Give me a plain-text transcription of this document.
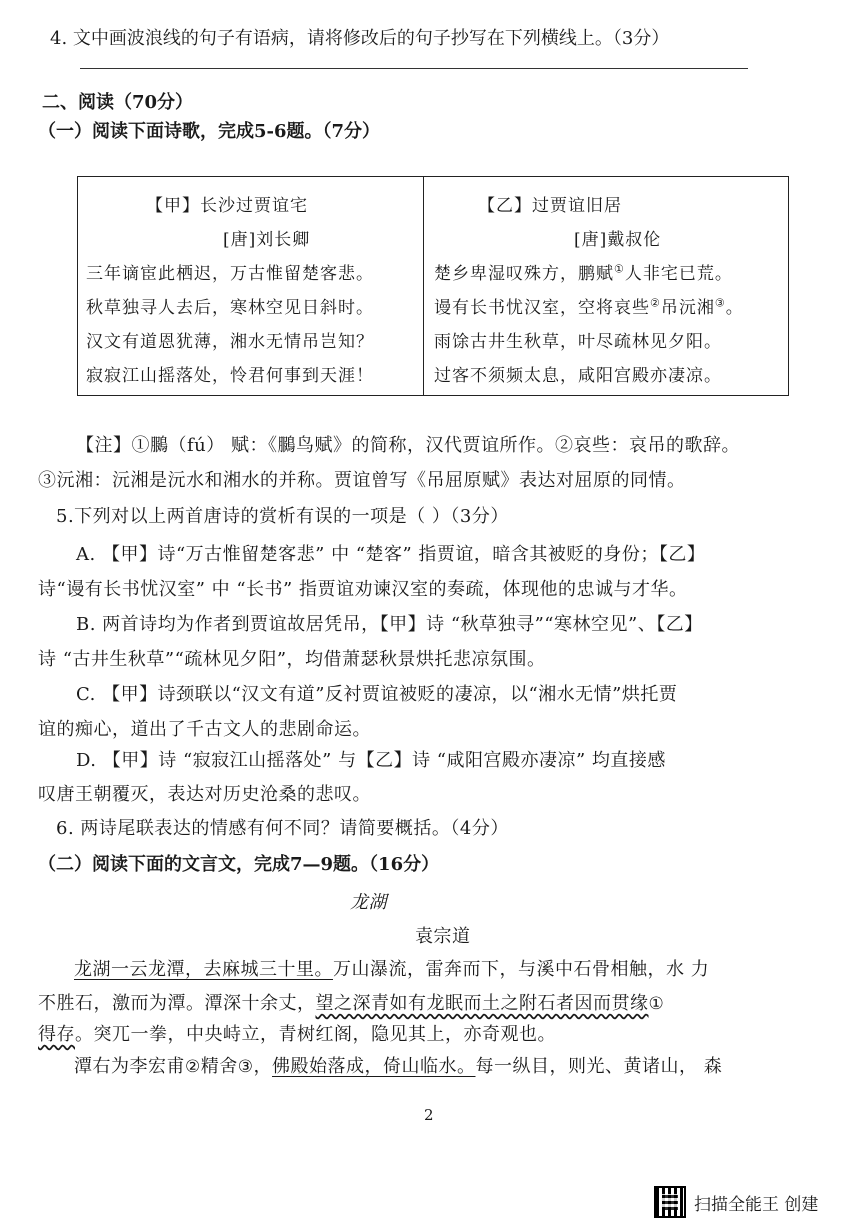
4. 文中画波浪线的句子有语病，请将修改后的句子抄写在下列横线上。（3分）
二、阅读（70分）
（一）阅读下面诗歌，完成5-6题。（7分）
【甲】长沙过贾谊宅
[唐]刘长卿
三年谪宦此栖迟，万古惟留楚客悲。
秋草独寻人去后，寒林空见日斜时。
汉文有道恩犹薄，湘水无情吊岂知？
寂寂江山摇落处，怜君何事到天涯！
【乙】过贾谊旧居
[唐]戴叔伦
楚乡卑湿叹殊方，鹏赋①人非宅已荒。
谩有长书忧汉室，空将哀些②吊沅湘③。
雨馀古井生秋草，叶尽疏林见夕阳。
过客不须频太息，咸阳宫殿亦凄凉。
【注】①鵩（fú） 赋：《鵩鸟赋》的简称，汉代贾谊所作。②哀些：哀吊的歌辞。
③沅湘：沅湘是沅水和湘水的并称。贾谊曾写《吊屈原赋》表达对屈原的同情。
5.下列对以上两首唐诗的赏析有误的一项是（ ）（3分）
A. 【甲】诗“万古惟留楚客悲” 中 “楚客” 指贾谊，暗含其被贬的身份；【乙】
诗“谩有长书忧汉室” 中 “长书” 指贾谊劝谏汉室的奏疏，体现他的忠诚与才华。
B. 两首诗均为作者到贾谊故居凭吊，【甲】诗 “秋草独寻”“寒林空见”、【乙】
诗 “古井生秋草”“疏林见夕阳”，均借萧瑟秋景烘托悲凉氛围。
C. 【甲】诗颈联以“汉文有道”反衬贾谊被贬的凄凉，以“湘水无情”烘托贾
谊的痴心，道出了千古文人的悲剧命运。
D. 【甲】诗 “寂寂江山摇落处” 与【乙】诗 “咸阳宫殿亦凄凉” 均直接感
叹唐王朝覆灭，表达对历史沧桑的悲叹。
6. 两诗尾联表达的情感有何不同？请简要概括。（4分）
（二）阅读下面的文言文，完成7—9题。（16分）
龙湖
袁宗道
龙湖一云龙潭，去麻城三十里。万山瀑流，雷奔而下，与溪中石骨相触，水 力
不胜石，激而为潭。潭深十余丈，望之深青如有龙眠而土之附石者因而贯缘①
得存。突兀一拳，中央峙立，青树红阁，隐见其上，亦奇观也。
潭右为李宏甫②精舍③，佛殿始落成，倚山临水。每一纵目，则光、黄诸山， 森
2
扫描全能王 创建
